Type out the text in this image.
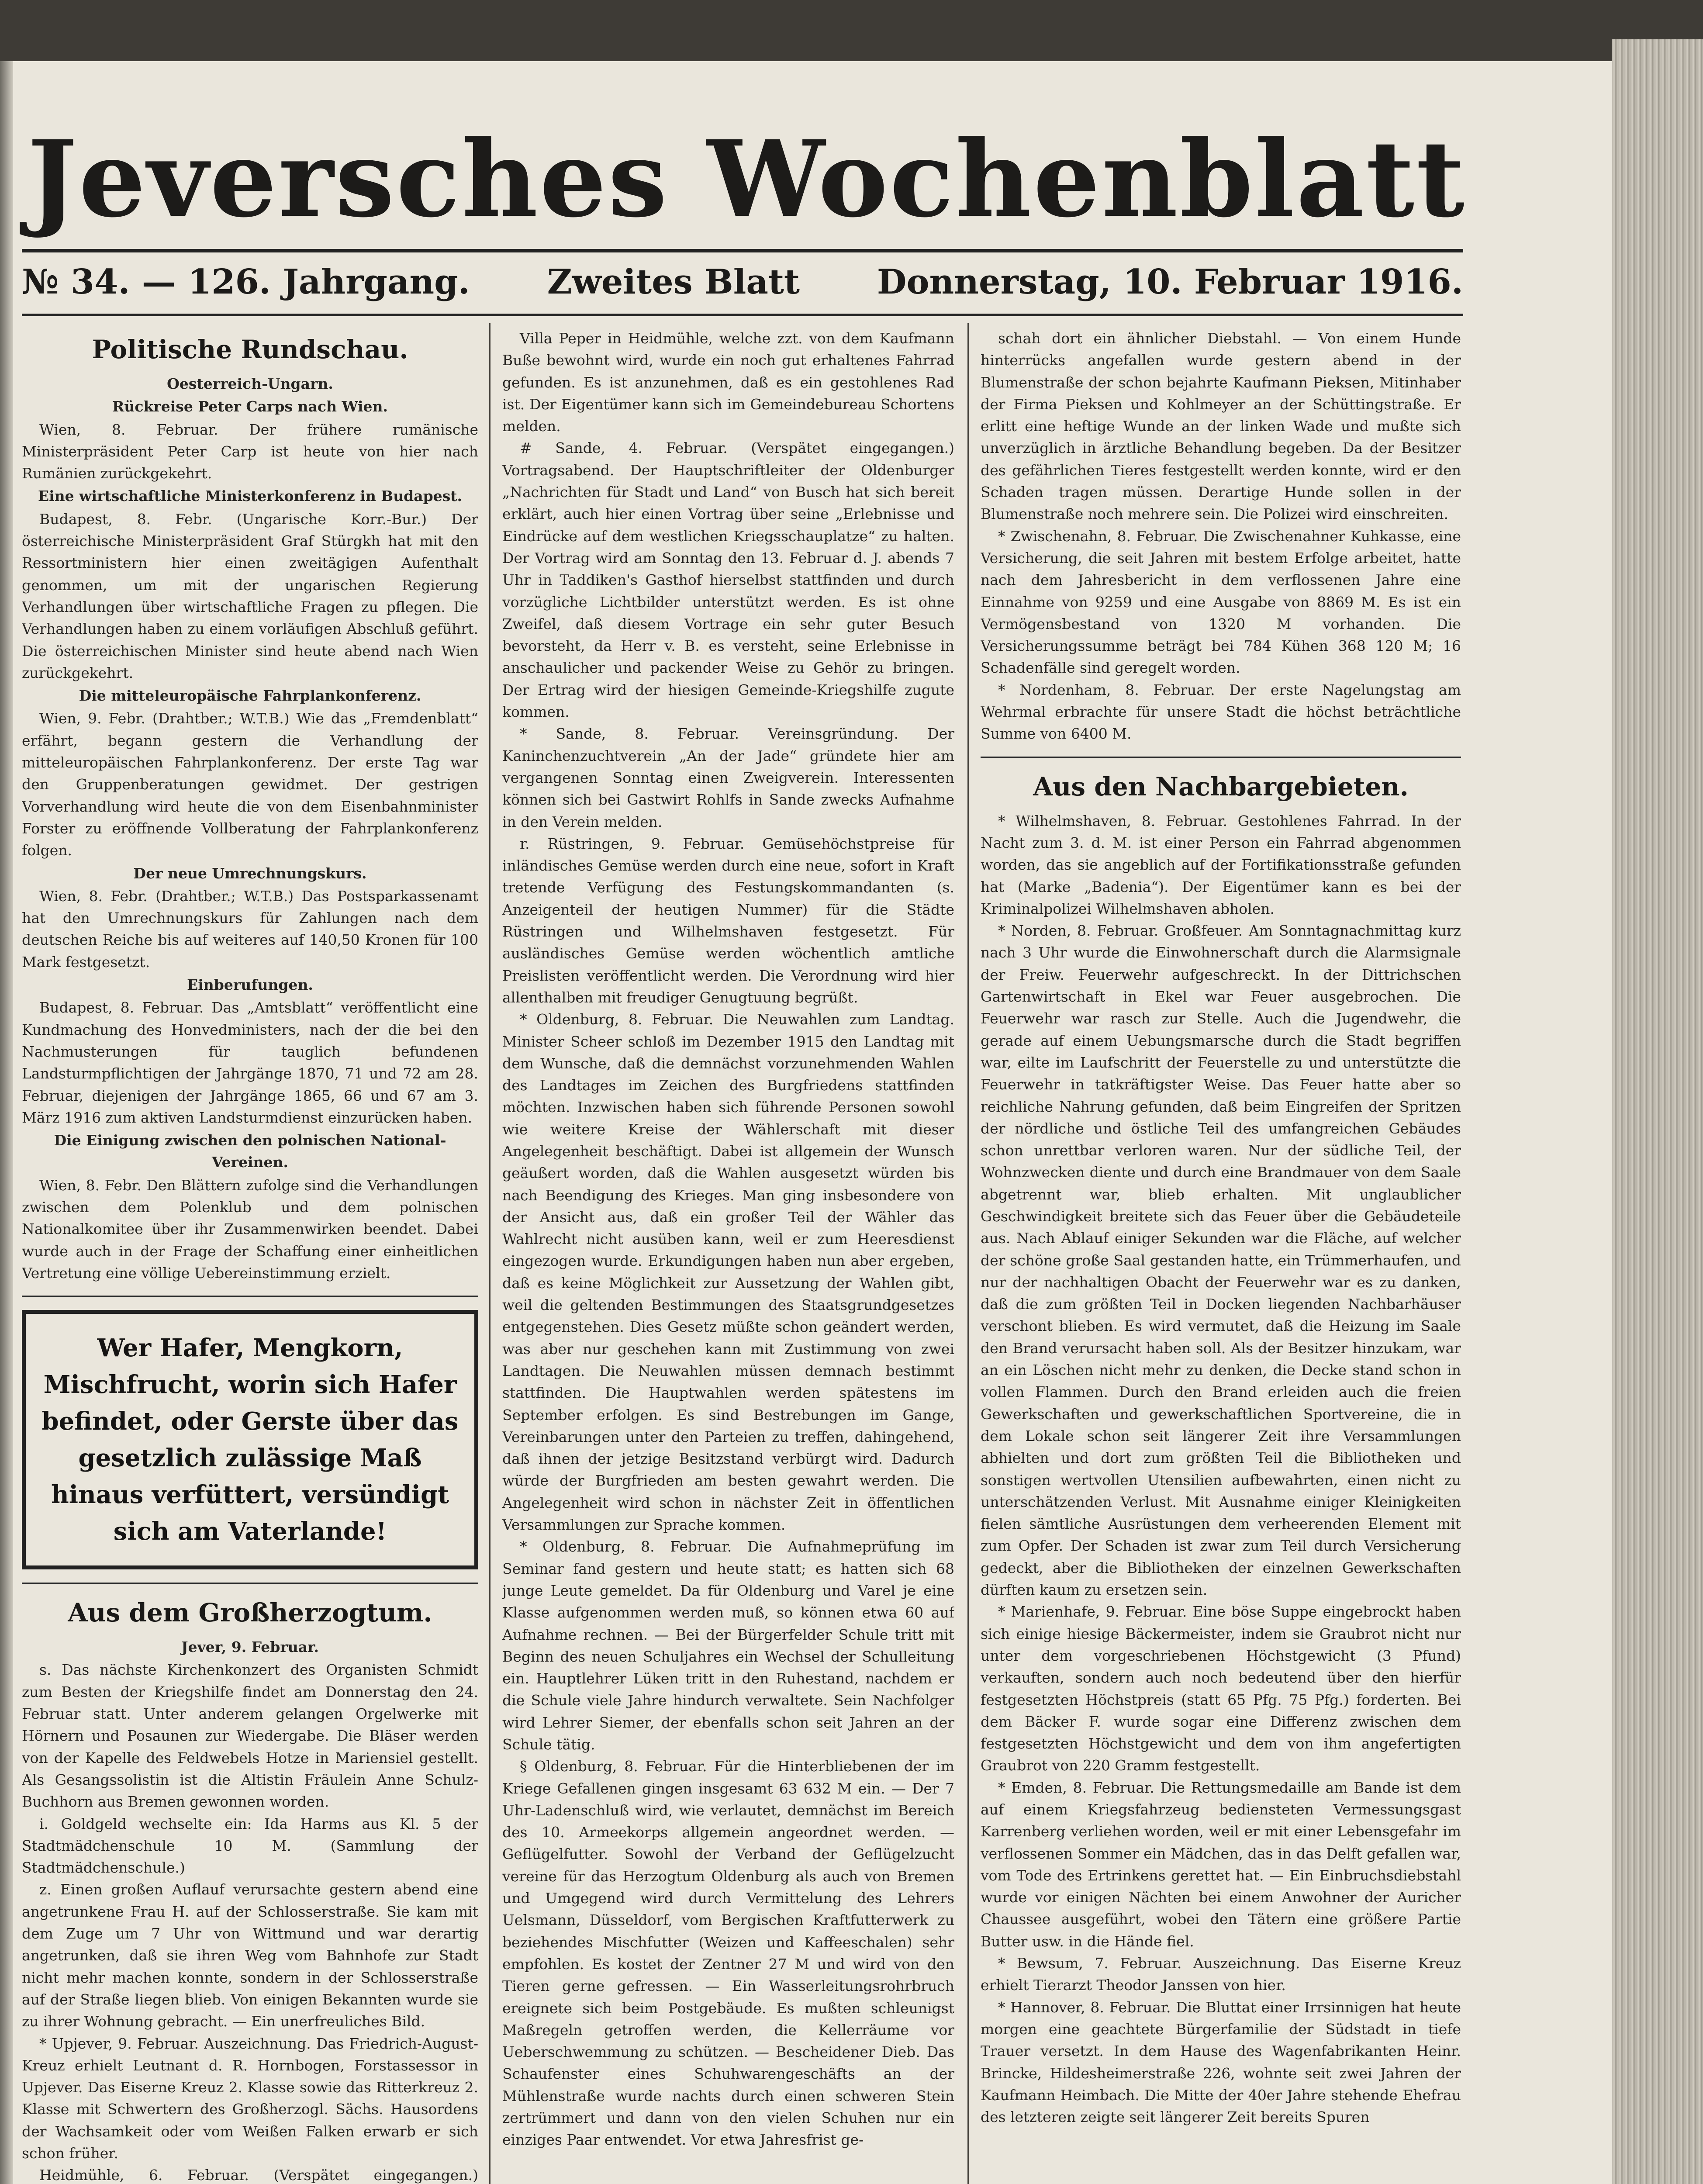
Jeversches Wochenblatt
№ 34. — 126. Jahrgang. Zweites Blatt Donnerstag, 10. Februar 1916.
Politische Rundschau.
Oesterreich-Ungarn.
Rückreise Peter Carps nach Wien.

Wien, 8. Februar. Der frühere rumänische Ministerpräsident Peter Carp ist heute von hier nach Rumänien zurückgekehrt.

Eine wirtschaftliche Ministerkonferenz in Budapest.

Budapest, 8. Febr. (Ungarische Korr.-Bur.) Der österreichische Ministerpräsident Graf Stürgkh hat mit den Ressortministern hier einen zweitägigen Aufenthalt genommen, um mit der ungarischen Regierung Verhandlungen über wirtschaftliche Fragen zu pflegen. Die Verhandlungen haben zu einem vorläufigen Abschluß geführt. Die österreichischen Minister sind heute abend nach Wien zurückgekehrt.

Die mitteleuropäische Fahrplankonferenz.

Wien, 9. Febr. (Drahtber.; W.T.B.) Wie das „Fremdenblatt“ erfährt, begann gestern die Verhandlung der mitteleuropäischen Fahrplankonferenz. Der erste Tag war den Gruppenberatungen gewidmet. Der gestrigen Vorverhandlung wird heute die von dem Eisenbahnminister Forster zu eröffnende Vollberatung der Fahrplankonferenz folgen.

Der neue Umrechnungskurs.

Wien, 8. Febr. (Drahtber.; W.T.B.) Das Postsparkassenamt hat den Umrechnungskurs für Zahlungen nach dem deutschen Reiche bis auf weiteres auf 140,50 Kronen für 100 Mark festgesetzt.

Einberufungen.

Budapest, 8. Februar. Das „Amtsblatt“ veröffentlicht eine Kundmachung des Honvedministers, nach der die bei den Nachmusterungen für tauglich befundenen Landsturmpflichtigen der Jahrgänge 1870, 71 und 72 am 28. Februar, diejenigen der Jahrgänge 1865, 66 und 67 am 3. März 1916 zum aktiven Landsturmdienst einzurücken haben.

Die Einigung zwischen den polnischen National-Vereinen.

Wien, 8. Febr. Den Blättern zufolge sind die Verhandlungen zwischen dem Polenklub und dem polnischen Nationalkomitee über ihr Zusammenwirken beendet. Dabei wurde auch in der Frage der Schaffung einer einheitlichen Vertretung eine völlige Uebereinstimmung erzielt.

Wer Hafer, Mengkorn, Mischfrucht, worin sich Hafer befindet, oder Gerste über das gesetzlich zulässige Maß hinaus verfüttert, versündigt sich am Vaterlande!
Aus dem Großherzogtum.
Jever, 9. Februar.

s. Das nächste Kirchenkonzert des Organisten Schmidt zum Besten der Kriegshilfe findet am Donnerstag den 24. Februar statt. Unter anderem gelangen Orgelwerke mit Hörnern und Posaunen zur Wiedergabe. Die Bläser werden von der Kapelle des Feldwebels Hotze in Mariensiel gestellt. Als Gesangssolistin ist die Altistin Fräulein Anne Schulz-Buchhorn aus Bremen gewonnen worden.

i. Goldgeld wechselte ein: Ida Harms aus Kl. 5 der Stadtmädchenschule 10 M. (Sammlung der Stadtmädchenschule.)

z. Einen großen Auflauf verursachte gestern abend eine angetrunkene Frau H. auf der Schlosserstraße. Sie kam mit dem Zuge um 7 Uhr von Wittmund und war derartig angetrunken, daß sie ihren Weg vom Bahnhofe zur Stadt nicht mehr machen konnte, sondern in der Schlosserstraße auf der Straße liegen blieb. Von einigen Bekannten wurde sie zu ihrer Wohnung gebracht. — Ein unerfreuliches Bild.

* Upjever, 9. Februar. Auszeichnung. Das Friedrich-August-Kreuz erhielt Leutnant d. R. Hornbogen, Forstassessor in Upjever. Das Eiserne Kreuz 2. Klasse sowie das Ritterkreuz 2. Klasse mit Schwertern des Großherzogl. Sächs. Hausordens der Wachsamkeit oder vom Weißen Falken erwarb er sich schon früher.

Heidmühle, 6. Februar. (Verspätet eingegangen.)

Villa Peper in Heidmühle, welche zzt. von dem Kaufmann Buße bewohnt wird, wurde ein noch gut erhaltenes Fahrrad gefunden. Es ist anzunehmen, daß es ein gestohlenes Rad ist. Der Eigentümer kann sich im Gemeindebureau Schortens melden.

# Sande, 4. Februar. (Verspätet eingegangen.) Vortragsabend. Der Hauptschriftleiter der Oldenburger „Nachrichten für Stadt und Land“ von Busch hat sich bereit erklärt, auch hier einen Vortrag über seine „Erlebnisse und Eindrücke auf dem westlichen Kriegsschauplatze“ zu halten. Der Vortrag wird am Sonntag den 13. Februar d. J. abends 7 Uhr in Taddiken's Gasthof hierselbst stattfinden und durch vorzügliche Lichtbilder unterstützt werden. Es ist ohne Zweifel, daß diesem Vortrage ein sehr guter Besuch bevorsteht, da Herr v. B. es versteht, seine Erlebnisse in anschaulicher und packender Weise zu Gehör zu bringen. Der Ertrag wird der hiesigen Gemeinde-Kriegshilfe zugute kommen.

* Sande, 8. Februar. Vereinsgründung. Der Kaninchenzuchtverein „An der Jade“ gründete hier am vergangenen Sonntag einen Zweigverein. Interessenten können sich bei Gastwirt Rohlfs in Sande zwecks Aufnahme in den Verein melden.

r. Rüstringen, 9. Februar. Gemüsehöchstpreise für inländisches Gemüse werden durch eine neue, sofort in Kraft tretende Verfügung des Festungskommandanten (s. Anzeigenteil der heutigen Nummer) für die Städte Rüstringen und Wilhelmshaven festgesetzt. Für ausländisches Gemüse werden wöchentlich amtliche Preislisten veröffentlicht werden. Die Verordnung wird hier allenthalben mit freudiger Genugtuung begrüßt.

* Oldenburg, 8. Februar. Die Neuwahlen zum Landtag. Minister Scheer schloß im Dezember 1915 den Landtag mit dem Wunsche, daß die demnächst vorzunehmenden Wahlen des Landtages im Zeichen des Burgfriedens stattfinden möchten. Inzwischen haben sich führende Personen sowohl wie weitere Kreise der Wählerschaft mit dieser Angelegenheit beschäftigt. Dabei ist allgemein der Wunsch geäußert worden, daß die Wahlen ausgesetzt würden bis nach Beendigung des Krieges. Man ging insbesondere von der Ansicht aus, daß ein großer Teil der Wähler das Wahlrecht nicht ausüben kann, weil er zum Heeresdienst eingezogen wurde. Erkundigungen haben nun aber ergeben, daß es keine Möglichkeit zur Aussetzung der Wahlen gibt, weil die geltenden Bestimmungen des Staatsgrundgesetzes entgegenstehen. Dies Gesetz müßte schon geändert werden, was aber nur geschehen kann mit Zustimmung von zwei Landtagen. Die Neuwahlen müssen demnach bestimmt stattfinden. Die Hauptwahlen werden spätestens im September erfolgen. Es sind Bestrebungen im Gange, Vereinbarungen unter den Parteien zu treffen, dahingehend, daß ihnen der jetzige Besitzstand verbürgt wird. Dadurch würde der Burgfrieden am besten gewahrt werden. Die Angelegenheit wird schon in nächster Zeit in öffentlichen Versammlungen zur Sprache kommen.

* Oldenburg, 8. Februar. Die Aufnahmeprüfung im Seminar fand gestern und heute statt; es hatten sich 68 junge Leute gemeldet. Da für Oldenburg und Varel je eine Klasse aufgenommen werden muß, so können etwa 60 auf Aufnahme rechnen. — Bei der Bürgerfelder Schule tritt mit Beginn des neuen Schuljahres ein Wechsel der Schulleitung ein. Hauptlehrer Lüken tritt in den Ruhestand, nachdem er die Schule viele Jahre hindurch verwaltete. Sein Nachfolger wird Lehrer Siemer, der ebenfalls schon seit Jahren an der Schule tätig.

§ Oldenburg, 8. Februar. Für die Hinterbliebenen der im Kriege Gefallenen gingen insgesamt 63 632 M ein. — Der 7 Uhr-Ladenschluß wird, wie verlautet, demnächst im Bereich des 10. Armeekorps allgemein angeordnet werden. — Geflügelfutter. Sowohl der Verband der Geflügelzucht vereine für das Herzogtum Oldenburg als auch von Bremen und Umgegend wird durch Vermittelung des Lehrers Uelsmann, Düsseldorf, vom Bergischen Kraftfutterwerk zu beziehendes Mischfutter (Weizen und Kaffeeschalen) sehr empfohlen. Es kostet der Zentner 27 M und wird von den Tieren gerne gefressen. — Ein Wasserleitungsrohrbruch ereignete sich beim Postgebäude. Es mußten schleunigst Maßregeln getroffen werden, die Kellerräume vor Ueberschwemmung zu schützen. — Bescheidener Dieb. Das Schaufenster eines Schuhwarengeschäfts an der Mühlenstraße wurde nachts durch einen schweren Stein zertrümmert und dann von den vielen Schuhen nur ein einziges Paar entwendet. Vor etwa Jahresfrist ge-

schah dort ein ähnlicher Diebstahl. — Von einem Hunde hinterrücks angefallen wurde gestern abend in der Blumenstraße der schon bejahrte Kaufmann Pieksen, Mitinhaber der Firma Pieksen und Kohlmeyer an der Schüttingstraße. Er erlitt eine heftige Wunde an der linken Wade und mußte sich unverzüglich in ärztliche Behandlung begeben. Da der Besitzer des gefährlichen Tieres festgestellt werden konnte, wird er den Schaden tragen müssen. Derartige Hunde sollen in der Blumenstraße noch mehrere sein. Die Polizei wird einschreiten.

* Zwischenahn, 8. Februar. Die Zwischenahner Kuhkasse, eine Versicherung, die seit Jahren mit bestem Erfolge arbeitet, hatte nach dem Jahresbericht in dem verflossenen Jahre eine Einnahme von 9259 und eine Ausgabe von 8869 M. Es ist ein Vermögensbestand von 1320 M vorhanden. Die Versicherungssumme beträgt bei 784 Kühen 368 120 M; 16 Schadenfälle sind geregelt worden.

* Nordenham, 8. Februar. Der erste Nagelungstag am Wehrmal erbrachte für unsere Stadt die höchst beträchtliche Summe von 6400 M.

Aus den Nachbargebieten.

* Wilhelmshaven, 8. Februar. Gestohlenes Fahrrad. In der Nacht zum 3. d. M. ist einer Person ein Fahrrad abgenommen worden, das sie angeblich auf der Fortifikationsstraße gefunden hat (Marke „Badenia“). Der Eigentümer kann es bei der Kriminalpolizei Wilhelmshaven abholen.

* Norden, 8. Februar. Großfeuer. Am Sonntagnachmittag kurz nach 3 Uhr wurde die Einwohnerschaft durch die Alarmsignale der Freiw. Feuerwehr aufgeschreckt. In der Dittrichschen Gartenwirtschaft in Ekel war Feuer ausgebrochen. Die Feuerwehr war rasch zur Stelle. Auch die Jugendwehr, die gerade auf einem Uebungsmarsche durch die Stadt begriffen war, eilte im Laufschritt der Feuerstelle zu und unterstützte die Feuerwehr in tatkräftigster Weise. Das Feuer hatte aber so reichliche Nahrung gefunden, daß beim Eingreifen der Spritzen der nördliche und östliche Teil des umfangreichen Gebäudes schon unrettbar verloren waren. Nur der südliche Teil, der Wohnzwecken diente und durch eine Brandmauer von dem Saale abgetrennt war, blieb erhalten. Mit unglaublicher Geschwindigkeit breitete sich das Feuer über die Gebäudeteile aus. Nach Ablauf einiger Sekunden war die Fläche, auf welcher der schöne große Saal gestanden hatte, ein Trümmerhaufen, und nur der nachhaltigen Obacht der Feuerwehr war es zu danken, daß die zum größten Teil in Docken liegenden Nachbarhäuser verschont blieben. Es wird vermutet, daß die Heizung im Saale den Brand verursacht haben soll. Als der Besitzer hinzukam, war an ein Löschen nicht mehr zu denken, die Decke stand schon in vollen Flammen. Durch den Brand erleiden auch die freien Gewerkschaften und gewerkschaftlichen Sportvereine, die in dem Lokale schon seit längerer Zeit ihre Versammlungen abhielten und dort zum größten Teil die Bibliotheken und sonstigen wertvollen Utensilien aufbewahrten, einen nicht zu unterschätzenden Verlust. Mit Ausnahme einiger Kleinigkeiten fielen sämtliche Ausrüstungen dem verheerenden Element mit zum Opfer. Der Schaden ist zwar zum Teil durch Versicherung gedeckt, aber die Bibliotheken der einzelnen Gewerkschaften dürften kaum zu ersetzen sein.

* Marienhafe, 9. Februar. Eine böse Suppe eingebrockt haben sich einige hiesige Bäckermeister, indem sie Graubrot nicht nur unter dem vorgeschriebenen Höchstgewicht (3 Pfund) verkauften, sondern auch noch bedeutend über den hierfür festgesetzten Höchstpreis (statt 65 Pfg. 75 Pfg.) forderten. Bei dem Bäcker F. wurde sogar eine Differenz zwischen dem festgesetzten Höchstgewicht und dem von ihm angefertigten Graubrot von 220 Gramm festgestellt.

* Emden, 8. Februar. Die Rettungsmedaille am Bande ist dem auf einem Kriegsfahrzeug bediensteten Vermessungsgast Karrenberg verliehen worden, weil er mit einer Lebensgefahr im verflossenen Sommer ein Mädchen, das in das Delft gefallen war, vom Tode des Ertrinkens gerettet hat. — Ein Einbruchsdiebstahl wurde vor einigen Nächten bei einem Anwohner der Auricher Chaussee ausgeführt, wobei den Tätern eine größere Partie Butter usw. in die Hände fiel.

* Bewsum, 7. Februar. Auszeichnung. Das Eiserne Kreuz erhielt Tierarzt Theodor Janssen von hier.

* Hannover, 8. Februar. Die Bluttat einer Irrsinnigen hat heute morgen eine geachtete Bürgerfamilie der Südstadt in tiefe Trauer versetzt. In dem Hause des Wagenfabrikanten Heinr. Brincke, Hildesheimerstraße 226, wohnte seit zwei Jahren der Kaufmann Heimbach. Die Mitte der 40er Jahre stehende Ehefrau des letzteren zeigte seit längerer Zeit bereits Spuren
